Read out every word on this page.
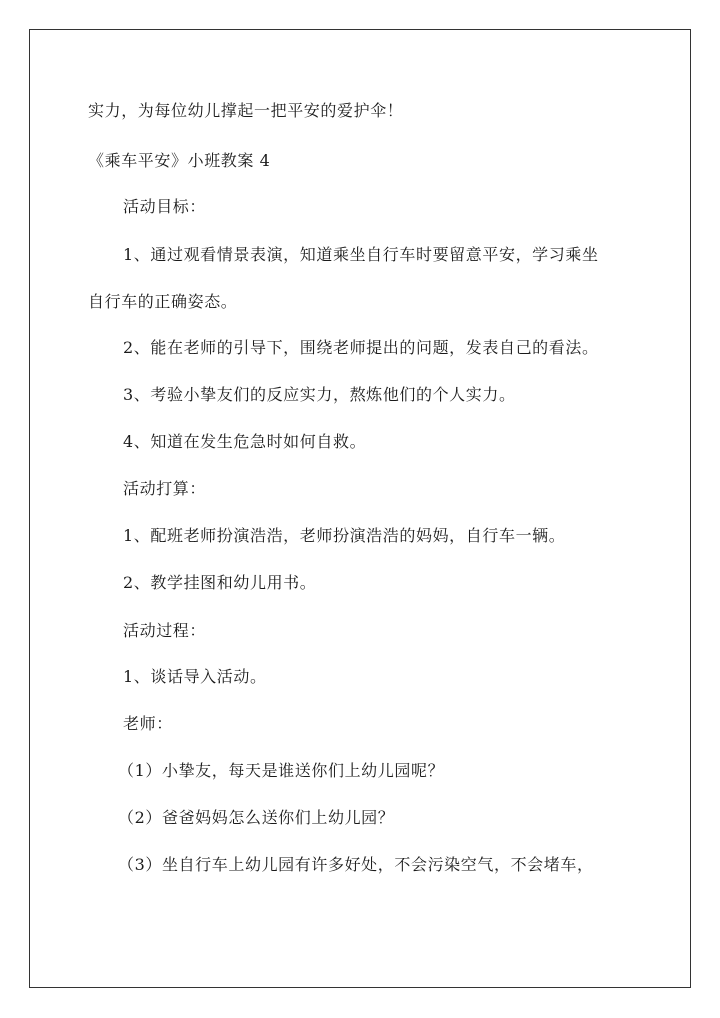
实力，为每位幼儿撑起一把平安的爱护伞！
《乘车平安》小班教案 4
活动目标：
1、通过观看情景表演，知道乘坐自行车时要留意平安，学习乘坐
自行车的正确姿态。
2、能在老师的引导下，围绕老师提出的问题，发表自己的看法。
3、考验小挚友们的反应实力，熬炼他们的个人实力。
4、知道在发生危急时如何自救。
活动打算：
1、配班老师扮演浩浩，老师扮演浩浩的妈妈，自行车一辆。
2、教学挂图和幼儿用书。
活动过程：
1、谈话导入活动。
老师：
（1）小挚友，每天是谁送你们上幼儿园呢？
（2）爸爸妈妈怎么送你们上幼儿园？
（3）坐自行车上幼儿园有许多好处，不会污染空气，不会堵车，
